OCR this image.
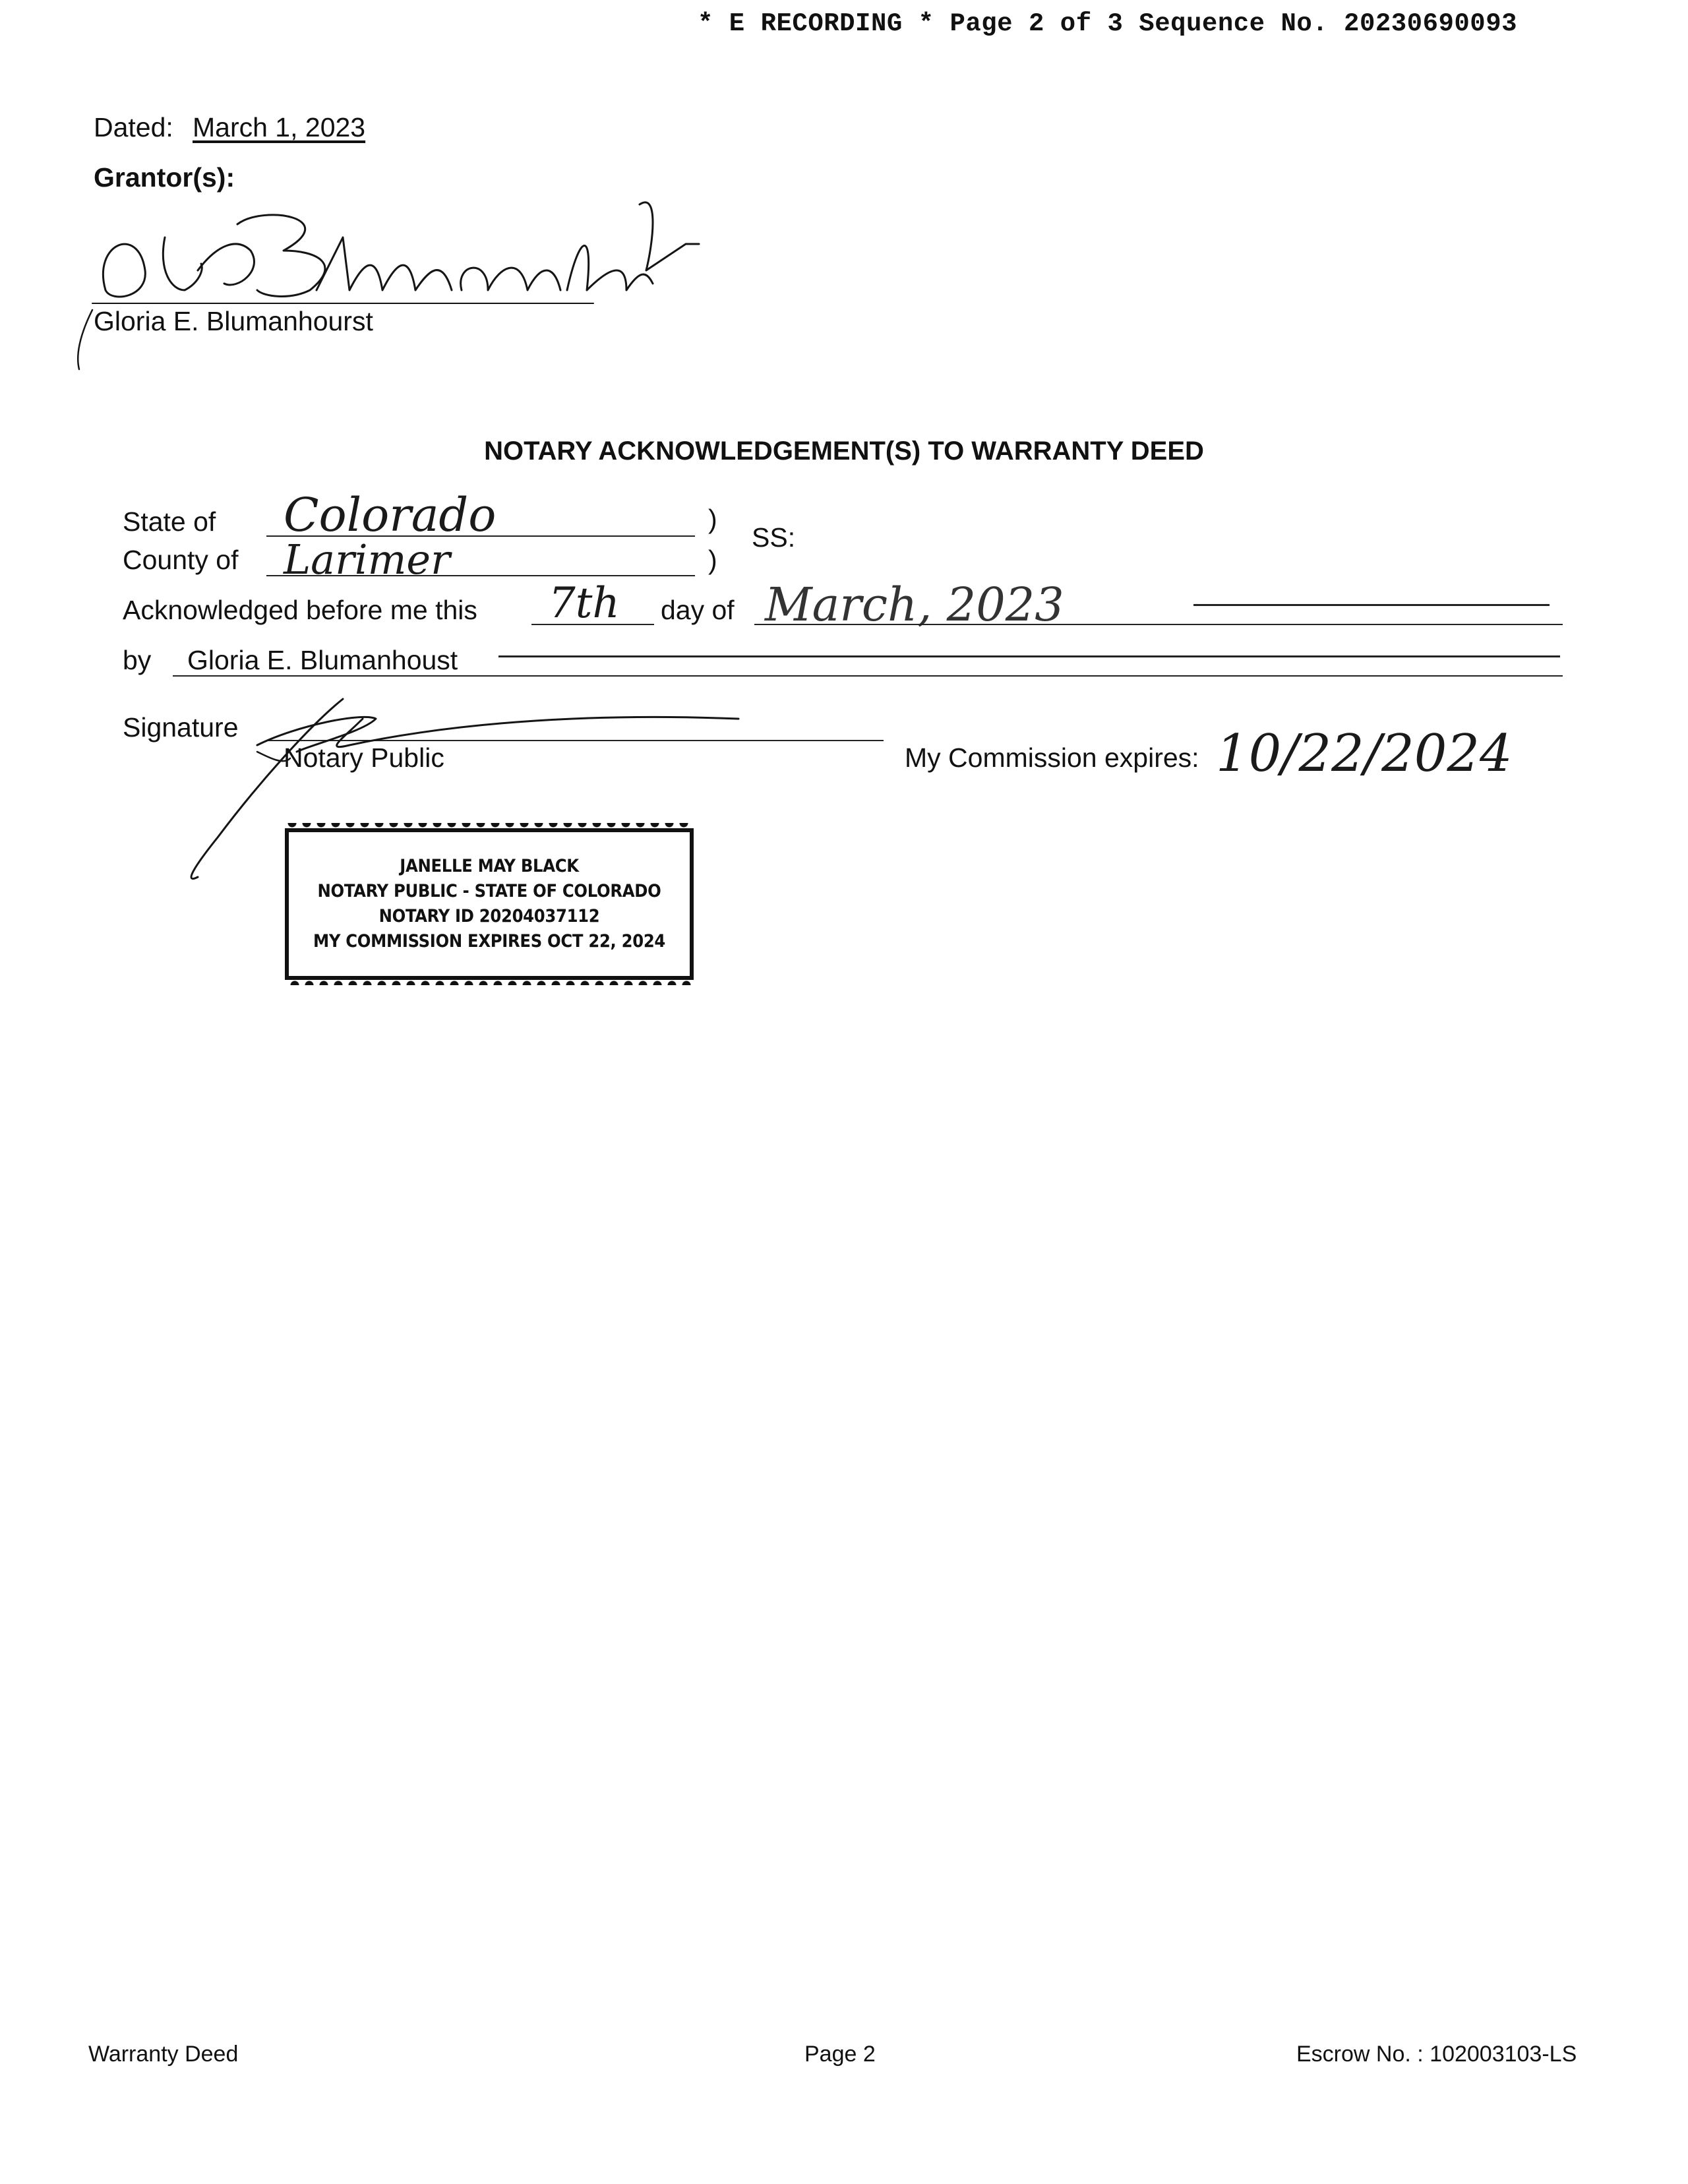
* E RECORDING * Page 2 of 3 Sequence No. 20230690093
Dated: March 1, 2023
Grantor(s):
Gloria E. Blumanhourst
NOTARY ACKNOWLEDGEMENT(S) TO WARRANTY DEED
State of Colorado	)
SS:
County of Larimer	)
Acknowledged before me this 7th day of March, 2023
by Gloria E. Blumanhoust
Signature
Notary Public	My Commission expires: 10/22/2024
JANELLE MAY BLACK
NOTARY PUBLIC - STATE OF COLORADO
NOTARY ID 20204037112
MY COMMISSION EXPIRES OCT 22, 2024
Warranty Deed	Page 2	Escrow No. : 102003103-LS
